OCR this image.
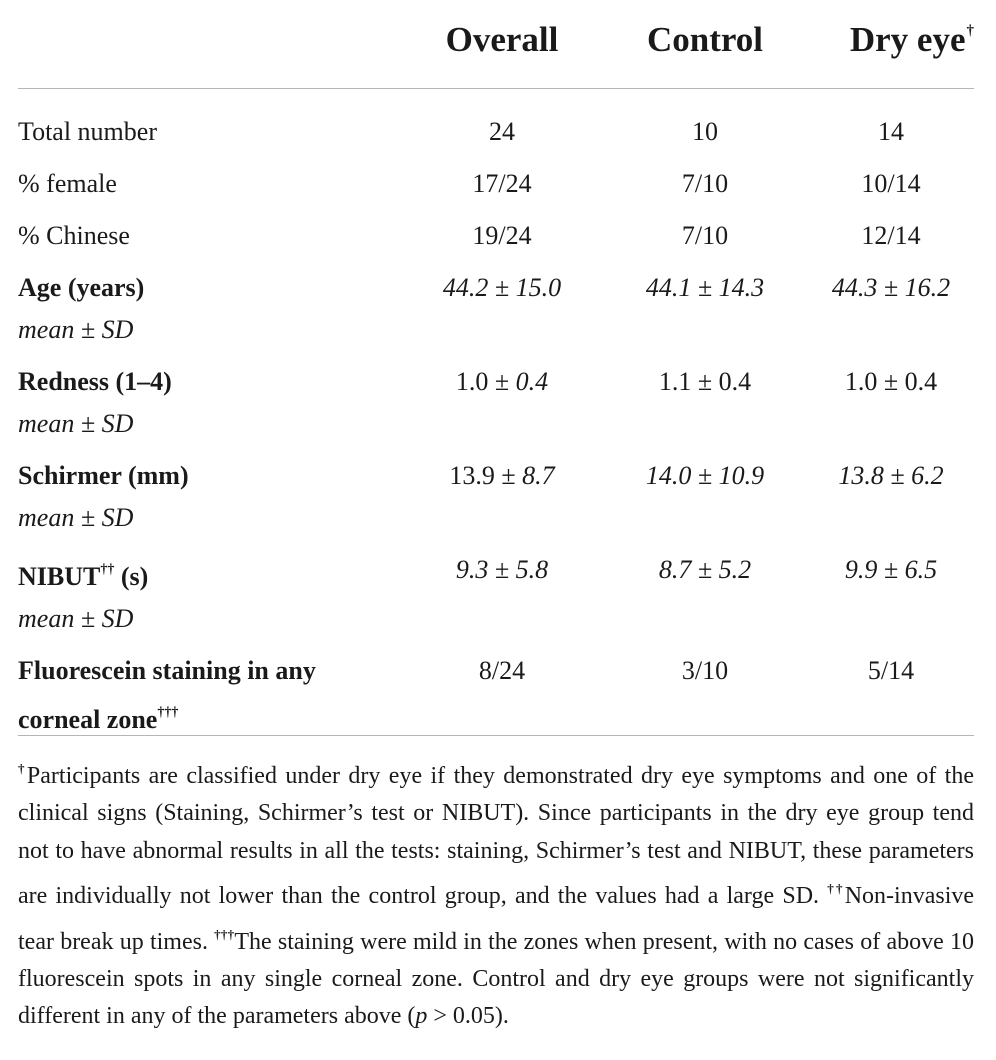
	Overall	Control	Dry eye†
Total number	24	10	14
% female	17/24	7/10	10/14
% Chinese	19/24	7/10	12/14
Age (years)
mean ± SD	44.2 ± 15.0	44.1 ± 14.3	44.3 ± 16.2
Redness (1–4)
mean ± SD	1.0 ± 0.4	1.1 ± 0.4	1.0 ± 0.4
Schirmer (mm)
mean ± SD	13.9 ± 8.7	14.0 ± 10.9	13.8 ± 6.2
NIBUT†† (s)
mean ± SD	9.3 ± 5.8	8.7 ± 5.2	9.9 ± 6.5
Fluorescein staining in any
corneal zone†††	8/24	3/10	5/14

†Participants are classified under dry eye if they demonstrated dry eye symptoms and one of the clinical signs (Staining, Schirmer’s test or NIBUT). Since participants in the dry eye group tend not to have abnormal results in all the tests: staining, Schirmer’s test and NIBUT, these parameters are individually not lower than the control group, and the values had a large SD. ††Non-invasive tear break up times. †††The staining were mild in the zones when present, with no cases of above 10 fluorescein spots in any single corneal zone. Control and dry eye groups were not significantly different in any of the parameters above (p > 0.05).
